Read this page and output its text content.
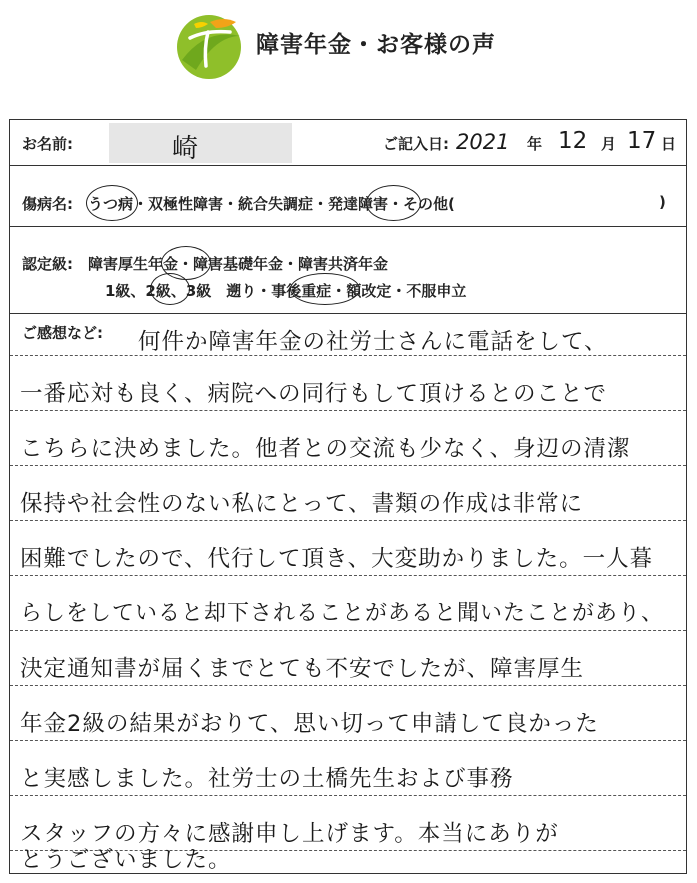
障害年金・お客様の声
お名前:	崎	ご記入日: 2021 年 12 月 17 日
傷病名: うつ病・双極性障害・統合失調症・発達障害・その他(	)
認定級: 障害厚生年金・障害基礎年金・障害共済年金
1級、2級、3級　遡り・事後重症・額改定・不服申立
ご感想など: 何件か障害年金の社労士さんに電話をして、
一番応対も良く、病院への同行もして頂けるとのことで
こちらに決めました。他者との交流も少なく、身辺の清潔
保持や社会性のない私にとって、書類の作成は非常に
困難でしたので、代行して頂き、大変助かりました。一人暮
らしをしていると却下されることがあると聞いたことがあり、
決定通知書が届くまでとても不安でしたが、障害厚生
年金2級の結果がおりて、思い切って申請して良かった
と実感しました。社労士の土橋先生および事務
スタッフの方々に感謝申し上げます。本当にありが
とうございました。
